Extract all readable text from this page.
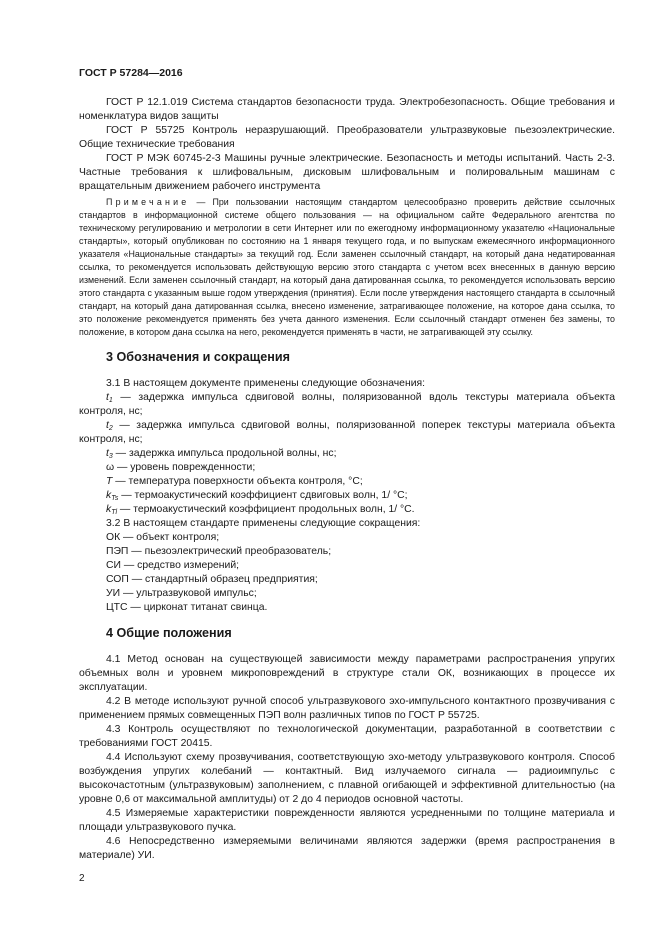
ГОСТ Р 57284—2016

ГОСТ Р 12.1.019 Система стандартов безопасности труда. Электробезопасность. Общие требования и номенклатура видов защиты

ГОСТ Р 55725 Контроль неразрушающий. Преобразователи ультразвуковые пьезоэлектрические. Общие технические требования

ГОСТ Р МЭК 60745-2-3 Машины ручные электрические. Безопасность и методы испытаний. Часть 2-3. Частные требования к шлифовальным, дисковым шлифовальным и полировальным машинам с вращательным движением рабочего инструмента

Примечание — При пользовании настоящим стандартом целесообразно проверить действие ссылочных стандартов в информационной системе общего пользования — на официальном сайте Федерального агентства по техническому регулированию и метрологии в сети Интернет или по ежегодному информационному указателю «Национальные стандарты», который опубликован по состоянию на 1 января текущего года, и по выпускам ежемесячного информационного указателя «Национальные стандарты» за текущий год. Если заменен ссылочный стандарт, на который дана недатированная ссылка, то рекомендуется использовать действующую версию этого стандарта с учетом всех внесенных в данную версию изменений. Если заменен ссылочный стандарт, на который дана датированная ссылка, то рекомендуется использовать версию этого стандарта с указанным выше годом утверждения (принятия). Если после утверждения настоящего стандарта в ссылочный стандарт, на который дана датированная ссылка, внесено изменение, затрагивающее положение, на которое дана ссылка, то это положение рекомендуется применять без учета данного изменения. Если ссылочный стандарт отменен без замены, то положение, в котором дана ссылка на него, рекомендуется применять в части, не затрагивающей эту ссылку.

3 Обозначения и сокращения

3.1 В настоящем документе применены следующие обозначения:

$t_1$ — задержка импульса сдвиговой волны, поляризованной вдоль текстуры материала объекта контроля, нс;

$t_2$ — задержка импульса сдвиговой волны, поляризованной поперек текстуры материала объекта контроля, нс;

$t_3$ — задержка импульса продольной волны, нс;

ω — уровень поврежденности;

T — температура поверхности объекта контроля, °С;

$k_{Ts}$ — термоакустический коэффициент сдвиговых волн, 1/ °С;

$k_{Tl}$ — термоакустический коэффициент продольных волн, 1/ °С.

3.2 В настоящем стандарте применены следующие сокращения:

ОК — объект контроля;

ПЭП — пьезоэлектрический преобразователь;

СИ — средство измерений;

СОП — стандартный образец предприятия;

УИ — ультразвуковой импульс;

ЦТС — цирконат титанат свинца.

4 Общие положения

4.1 Метод основан на существующей зависимости между параметрами распространения упругих объемных волн и уровнем микроповреждений в структуре стали ОК, возникающих в процессе их эксплуатации.

4.2 В методе используют ручной способ ультразвукового эхо-импульсного контактного прозвучивания с применением прямых совмещенных ПЭП волн различных типов по ГОСТ Р 55725.

4.3 Контроль осуществляют по технологической документации, разработанной в соответствии с требованиями ГОСТ 20415.

4.4 Используют схему прозвучивания, соответствующую эхо-методу ультразвукового контроля. Способ возбуждения упругих колебаний — контактный. Вид излучаемого сигнала — радиоимпульс с высокочастотным (ультразвуковым) заполнением, с плавной огибающей и эффективной длительностью (на уровне 0,6 от максимальной амплитуды) от 2 до 4 периодов основной частоты.

4.5 Измеряемые характеристики поврежденности являются усредненными по толщине материала и площади ультразвукового пучка.

4.6 Непосредственно измеряемыми величинами являются задержки (время распространения в материале) УИ.

2
